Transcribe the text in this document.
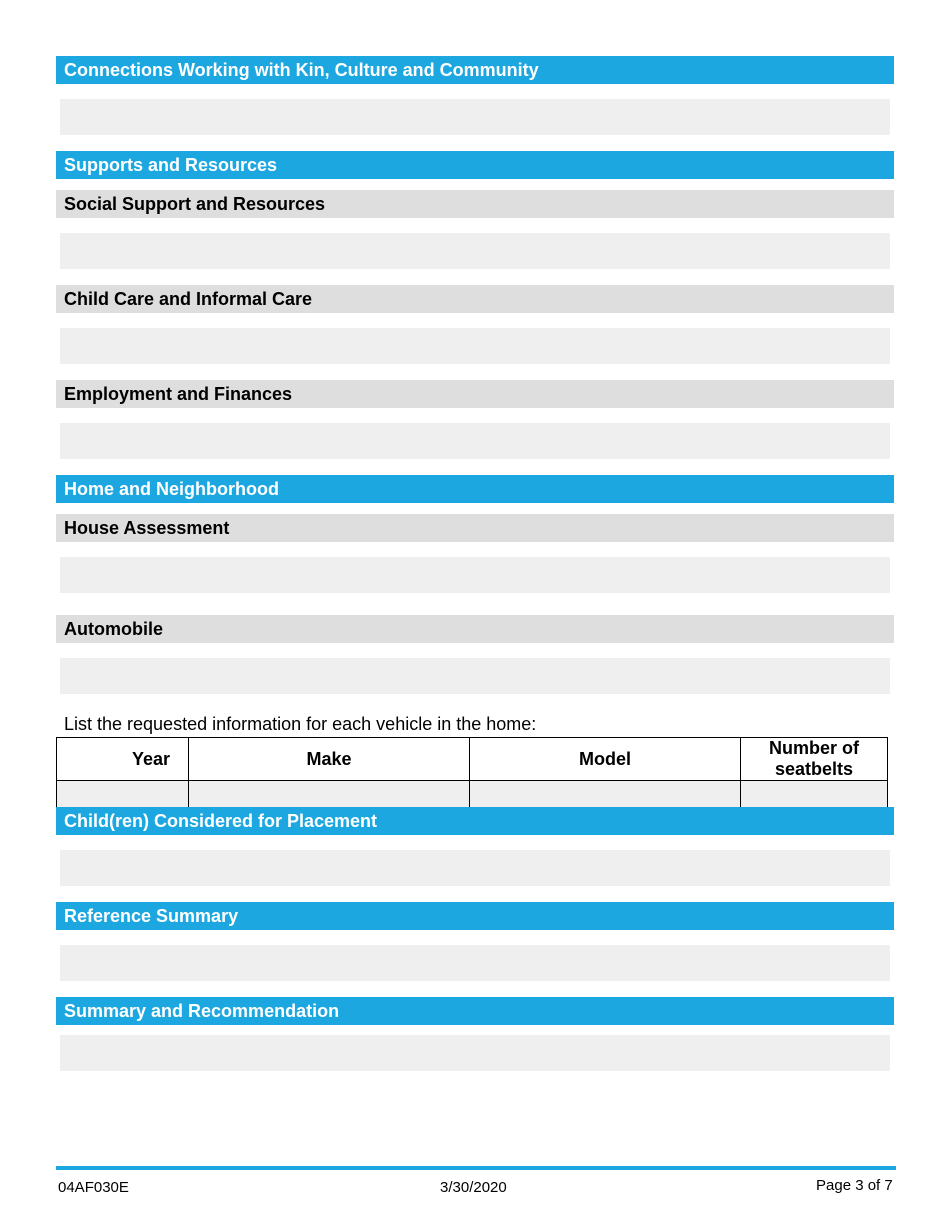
Connections Working with Kin, Culture and Community
Supports and Resources
Social Support and Resources
Child Care and Informal Care
Employment and Finances
Home and Neighborhood
House Assessment
Automobile
List the requested information for each vehicle in the home:
Year	Make	Model	Number of seatbelts

Child(ren) Considered for Placement
Reference Summary
Summary and Recommendation
04AF030E	3/30/2020	Page 3 of 7
